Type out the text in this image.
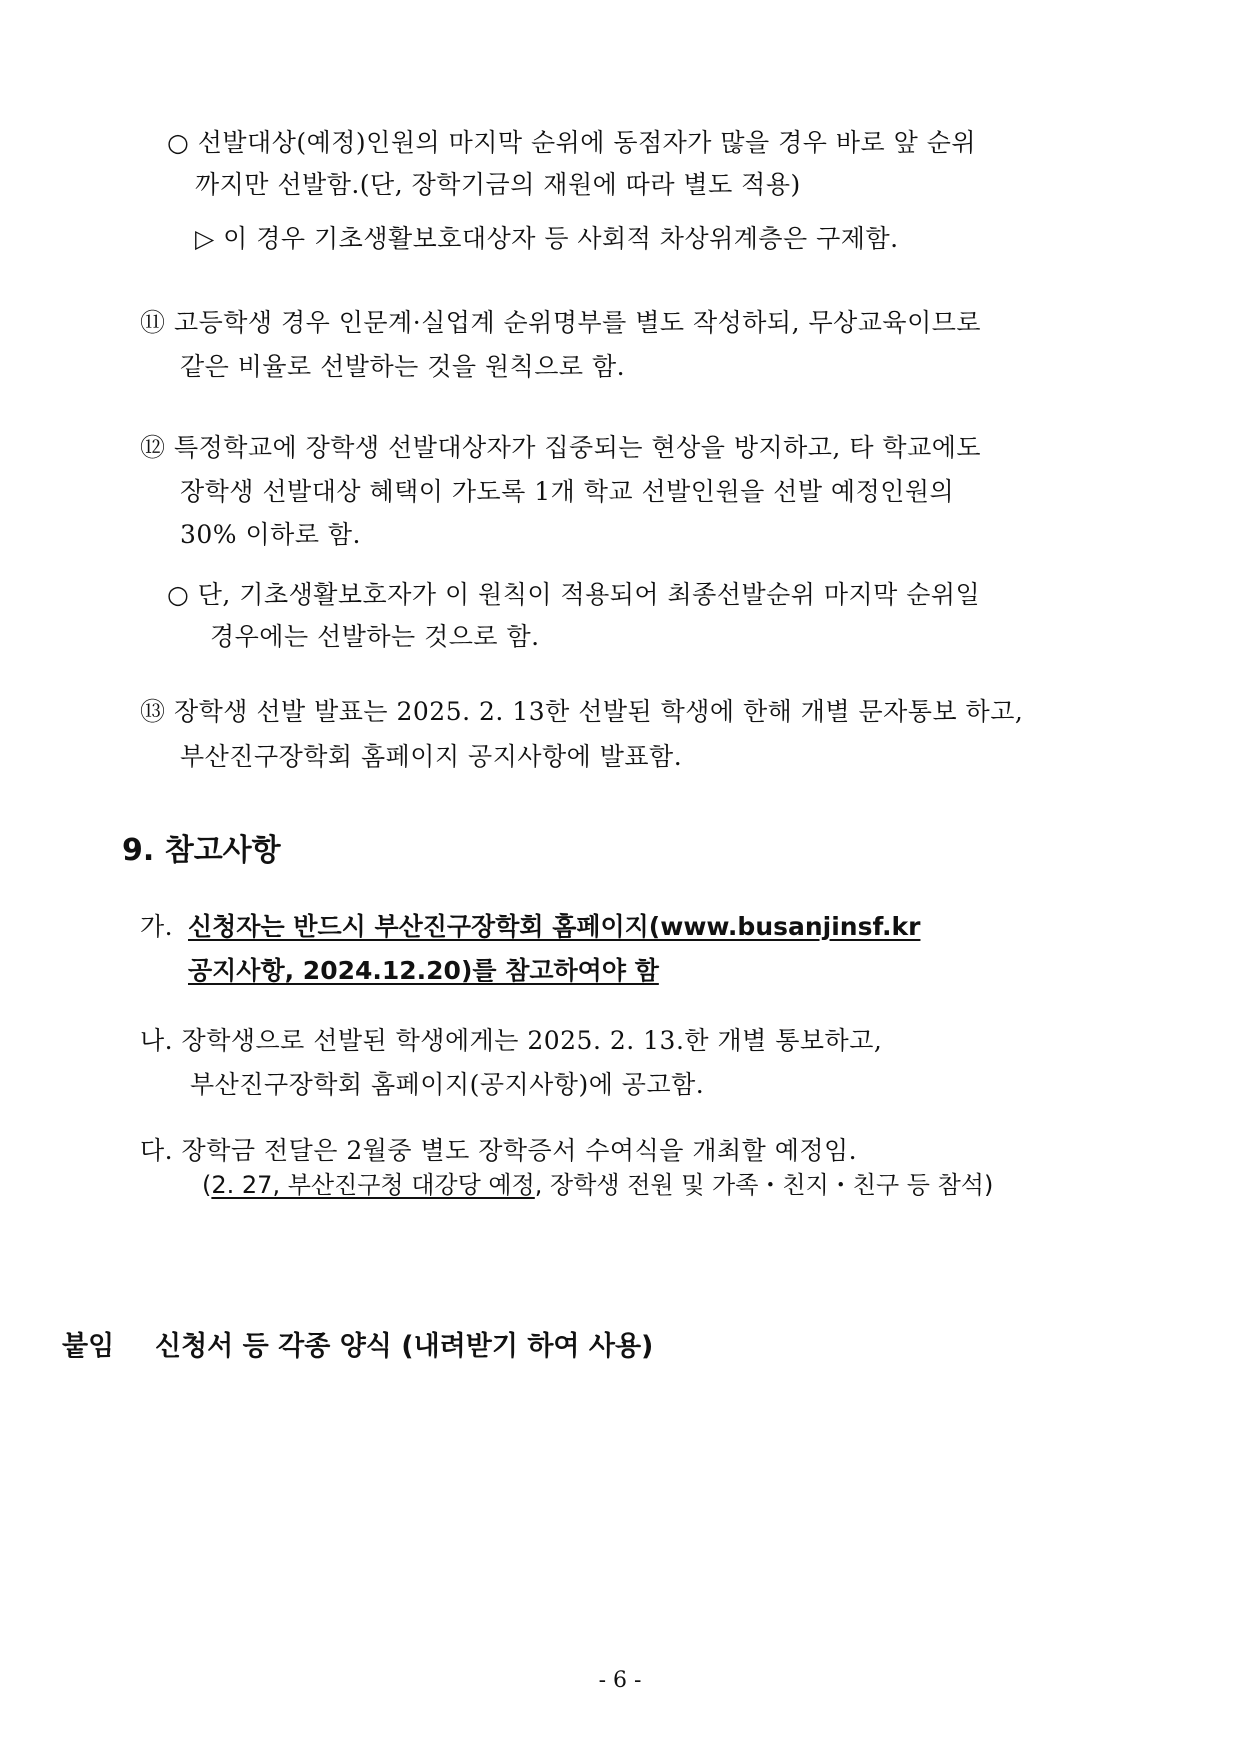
○ 선발대상(예정)인원의 마지막 순위에 동점자가 많을 경우 바로 앞 순위
까지만 선발함.(단, 장학기금의 재원에 따라 별도 적용)
▷ 이 경우 기초생활보호대상자 등 사회적 차상위계층은 구제함.
⑪ 고등학생 경우 인문계·실업계 순위명부를 별도 작성하되, 무상교육이므로
같은 비율로 선발하는 것을 원칙으로 함.
⑫ 특정학교에 장학생 선발대상자가 집중되는 현상을 방지하고, 타 학교에도
장학생 선발대상 혜택이 가도록 1개 학교 선발인원을 선발 예정인원의
30% 이하로 함.
○ 단, 기초생활보호자가 이 원칙이 적용되어 최종선발순위 마지막 순위일
경우에는 선발하는 것으로 함.
⑬ 장학생 선발 발표는 2025. 2. 13한 선발된 학생에 한해 개별 문자통보 하고,
부산진구장학회 홈페이지 공지사항에 발표함.
9. 참고사항
가. 신청자는 반드시 부산진구장학회 홈페이지(www.busanjinsf.kr
공지사항, 2024.12.20)를 참고하여야 함
나. 장학생으로 선발된 학생에게는 2025. 2. 13.한 개별 통보하고,
부산진구장학회 홈페이지(공지사항)에 공고함.
다. 장학금 전달은 2월중 별도 장학증서 수여식을 개최할 예정임.
(2. 27, 부산진구청 대강당 예정, 장학생 전원 및 가족・친지・친구 등 참석)
붙임 신청서 등 각종 양식 (내려받기 하여 사용)
- 6 -
